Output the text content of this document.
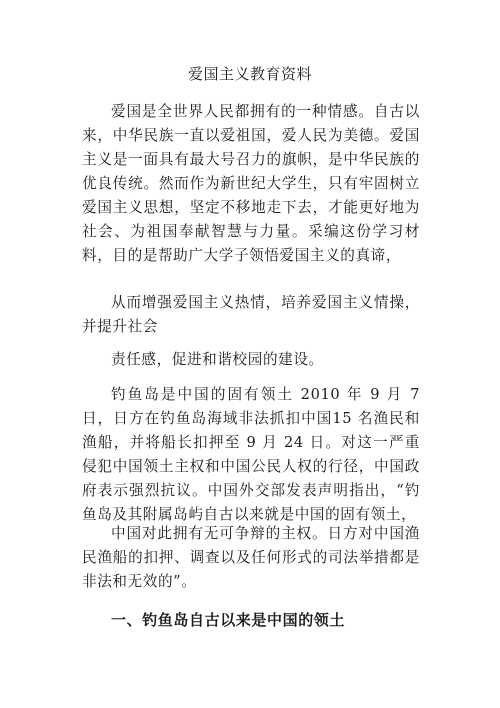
爱国主义教育资料
爱国是全世界人民都拥有的一种情感。自古以来，中华民族一直以爱祖国，爱人民为美德。爱国主义是一面具有最大号召力的旗帜，是中华民族的优良传统。然而作为新世纪大学生，只有牢固树立爱国主义思想，坚定不移地走下去，才能更好地为社会、为祖国奉献智慧与力量。采编这份学习材料，目的是帮助广大学子领悟爱国主义的真谛，
从而增强爱国主义热情，培养爱国主义情操，并提升社会
责任感，促进和谐校园的建设。
钓鱼岛是中国的固有领土 2010 年 9 月 7 日，日方在钓鱼岛海域非法抓扣中国15 名渔民和渔船，并将船长扣押至 9 月 24 日。对这一严重侵犯中国领土主权和中国公民人权的行径，中国政府表示强烈抗议。中国外交部发表声明指出，“钓鱼岛及其附属岛屿自古以来就是中国的固有领土，
中国对此拥有无可争辩的主权。日方对中国渔民渔船的扣押、调查以及任何形式的司法举措都是非法和无效的”。
一、钓鱼岛自古以来是中国的领土
